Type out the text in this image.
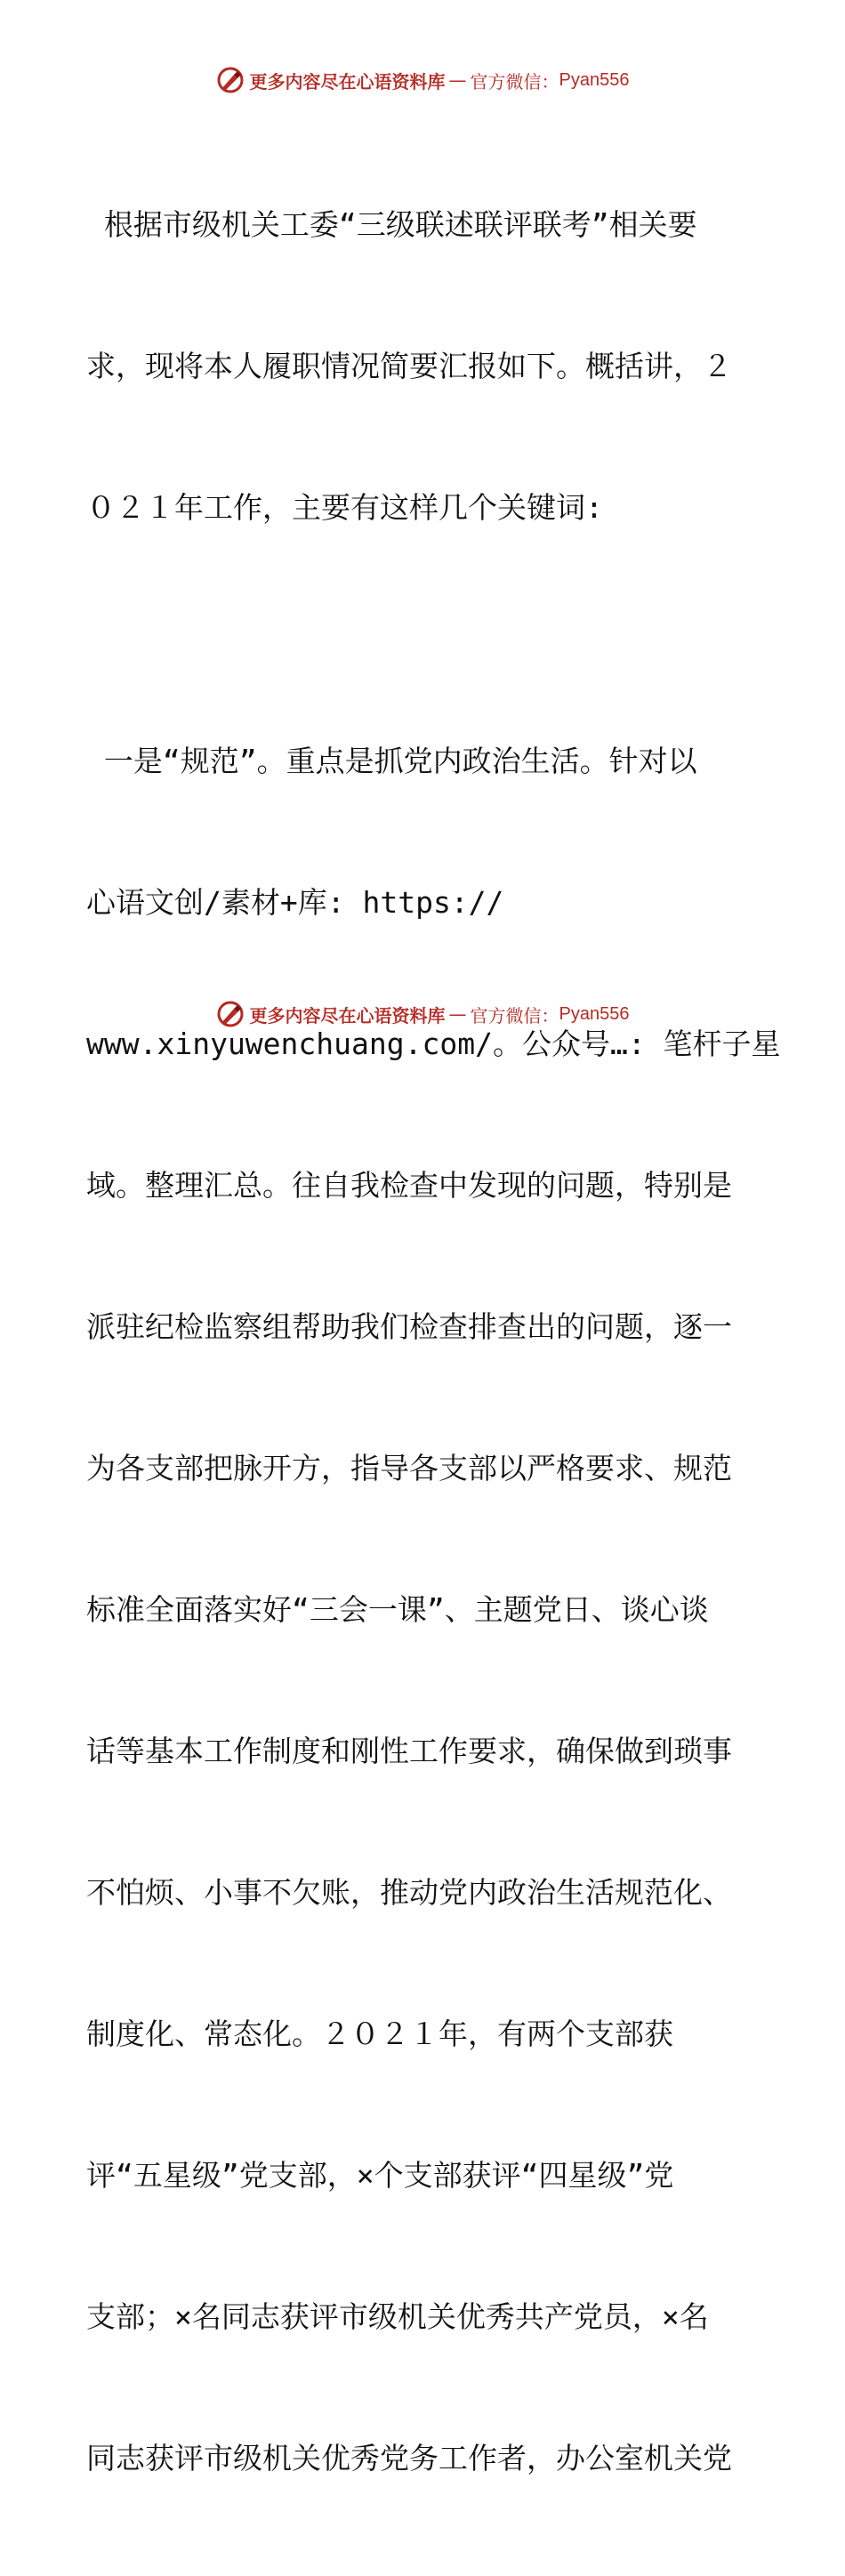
更多内容尽在心语资料库 — 官方微信： Pyan556

根据市级机关工委“三级联述联评联考”相关要

求，现将本人履职情况简要汇报如下。概括讲，２

０２１年工作，主要有这样几个关键词:

一是“规范”。重点是抓党内政治生活。针对以

心语文创/素材+库: https://

www.xinyuwenchuang.com/。公众号…: 笔杆子星

域。整理汇总。往自我检查中发现的问题，特别是

派驻纪检监察组帮助我们检查排查出的问题，逐一

为各支部把脉开方，指导各支部以严格要求、规范

标准全面落实好“三会一课”、主题党日、谈心谈

话等基本工作制度和刚性工作要求，确保做到琐事

不怕烦、小事不欠账，推动党内政治生活规范化、

制度化、常态化。２０２１年，有两个支部获

评“五星级”党支部，×个支部获评“四星级”党

支部；×名同志获评市级机关优秀共产党员，×名

同志获评市级机关优秀党务工作者，办公室机关党

更多内容尽在心语资料库 — 官方微信： Pyan556
